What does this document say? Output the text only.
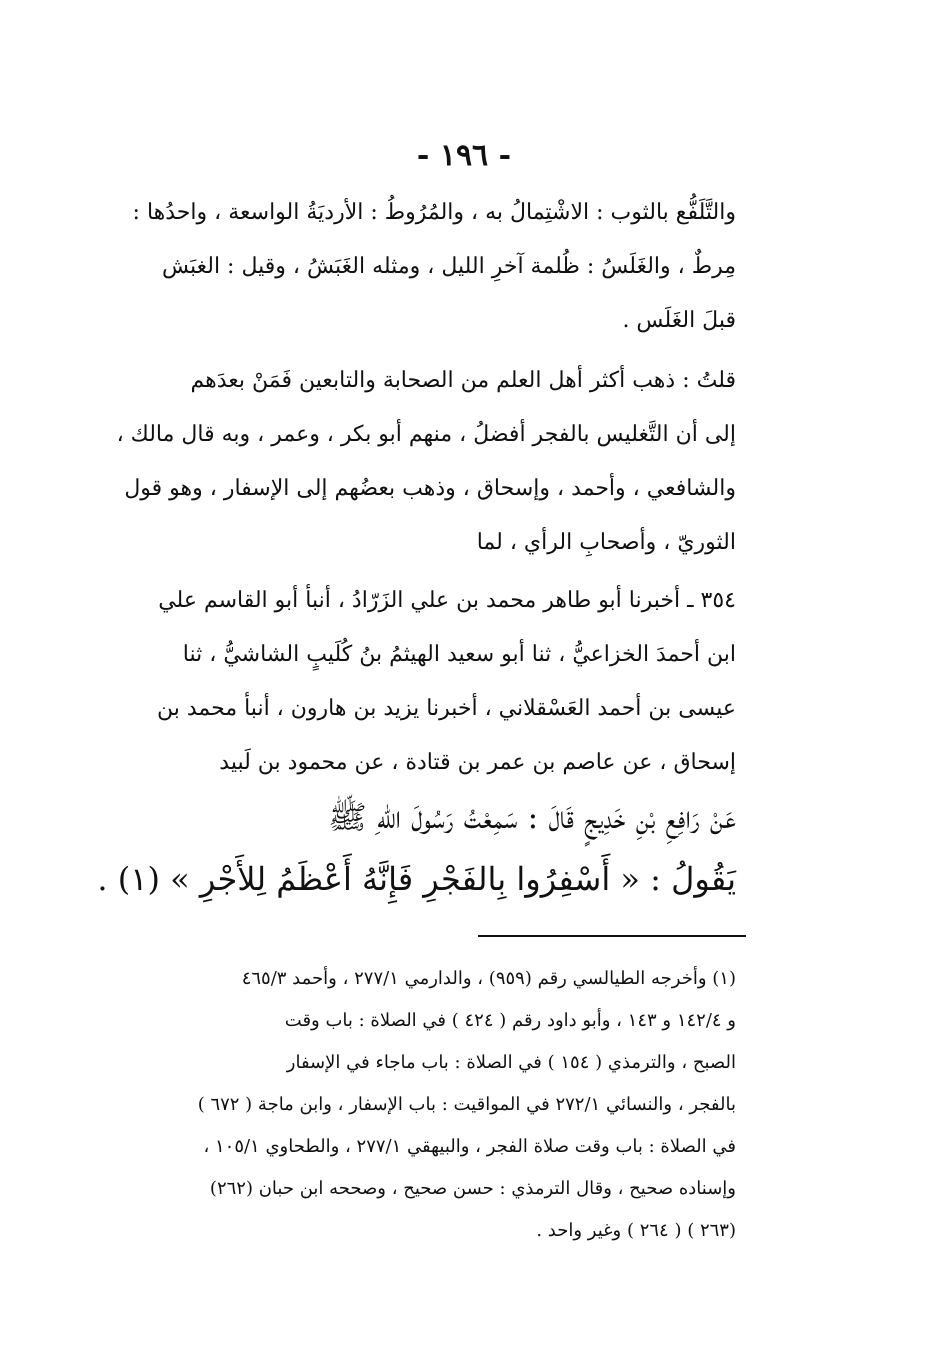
- ١٩٦ -
والتَّلَفُّع بالثوب : الاشْتِمالُ به ، والمُرُوطُ : الأرديَةُ الواسعة ، واحدُها :
مِرطٌ ، والغَلَسُ : ظُلمة آخرِ الليل ، ومثله الغَبَشُ ، وقيل : الغبَش
قبلَ الغَلَس .
قلتُ : ذهب أكثر أهل العلم من الصحابة والتابعين فَمَنْ بعدَهم
إلى أن التَّغليس بالفجر أفضلُ ، منهم أبو بكر ، وعمر ، وبه قال مالك ،
والشافعي ، وأحمد ، وإسحاق ، وذهب بعضُهم إلى الإسفار ، وهو قول
الثوريّ ، وأصحابِ الرأي ، لما
٣٥٤ ـ أخبرنا أبو طاهر محمد بن علي الزَرّادُ ، أنبأ أبو القاسم علي
ابن أحمدَ الخزاعيُّ ، ثنا أبو سعيد الهيثمُ بنُ كُلَيبٍ الشاشيُّ ، ثنا
عيسى بن أحمد العَسْقلاني ، أخبرنا يزيد بن هارون ، أنبأ محمد بن
إسحاق ، عن عاصم بن عمر بن قتادة ، عن محمود بن لَبيد
عَنْ رَافِعِ بْنِ خَدِيجٍ قَالَ : سَمِعْتُ رَسُولَ اللهِ ﷺ
يَقُولُ : « أَسْفِرُوا بِالفَجْرِ فَإِنَّهُ أَعْظَمُ لِلأَجْرِ » (١) .
(١) وأخرجه الطيالسي رقم (٩٥٩) ، والدارمي ٢٧٧/١ ، وأحمد ٤٦٥/٣
و ١٤٢/٤ و ١٤٣ ، وأبو داود رقم ( ٤٢٤ ) في الصلاة : باب وقت
الصبح ، والترمذي ( ١٥٤ ) في الصلاة : باب ماجاء في الإسفار
بالفجر ، والنسائي ٢٧٢/١ في المواقيت : باب الإسفار ، وابن ماجة ( ٦٧٢ )
في الصلاة : باب وقت صلاة الفجر ، والبيهقي ٢٧٧/١ ، والطحاوي ١٠٥/١ ،
وإسناده صحيح ، وقال الترمذي : حسن صحيح ، وصححه ابن حبان (٢٦٢)
(٢٦٣ ) ( ٢٦٤ ) وغير واحد .
